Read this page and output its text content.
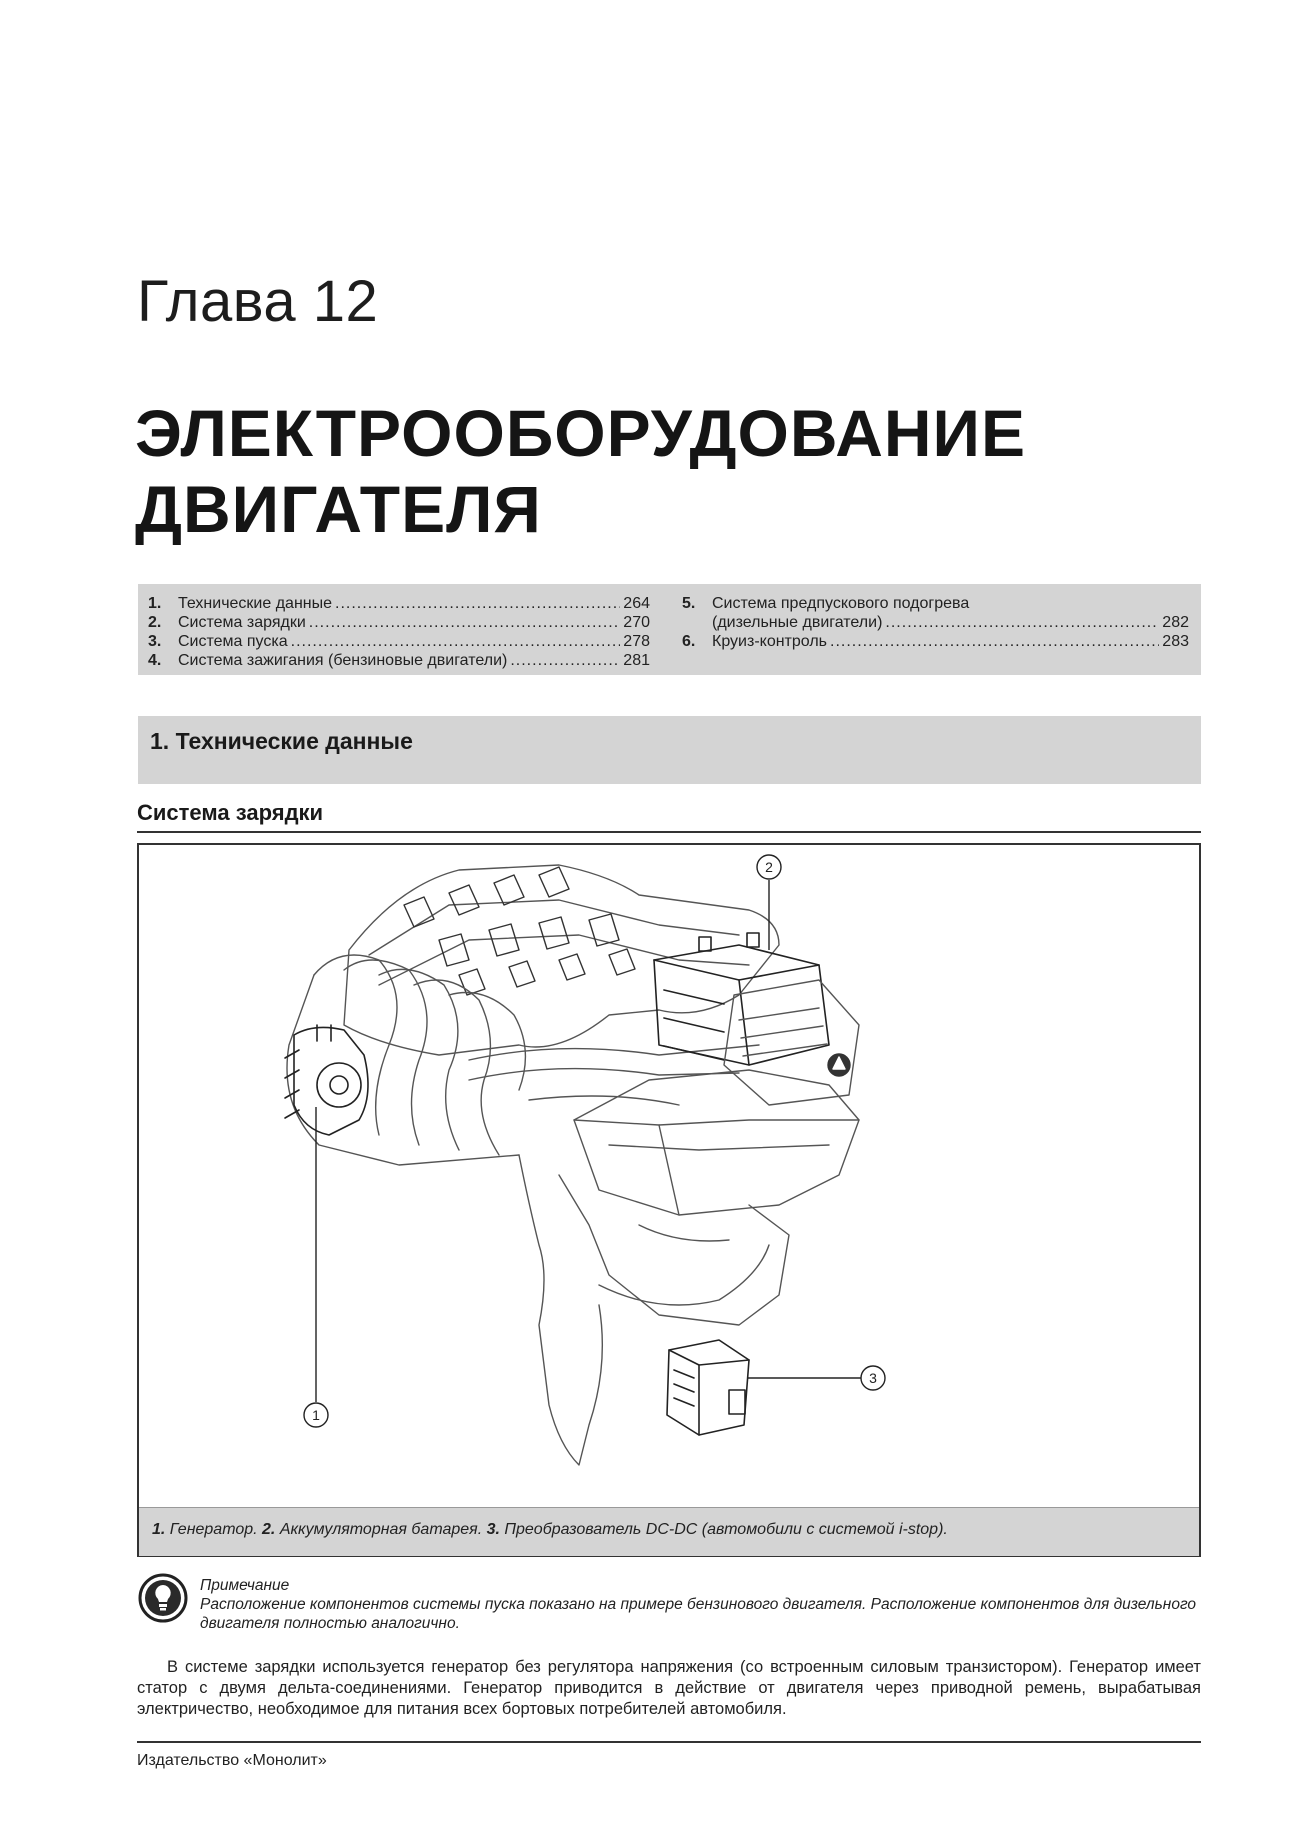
Глава 12
ЭЛЕКТРООБОРУДОВАНИЕ
ДВИГАТЕЛЯ
1.	Технические данные .....	264
2.	Система зарядки .....	270
3.	Система пуска .....	278
4.	Система зажигания (бензиновые двигатели) .....	281
5.	Система предпускового подогрева
(дизельные двигатели) .....	282
6.	Круиз-контроль .....	283
1. Технические данные
Система зарядки
1
2
3
1. Генератор. 2. Аккумуляторная батарея. 3. Преобразователь DC-DC (автомобили с системой i-stop).
Примечание
Расположение компонентов системы пуска показано на примере бензинового двигателя. Расположение компонентов для дизельного двигателя полностью аналогично.

В системе зарядки используется генератор без регулятора напряжения (со встроенным силовым транзистором). Генератор имеет статор с двумя дельта-соединениями. Генератор приводится в действие от двигателя через приводной ремень, вырабатывая электричество, необходимое для питания всех бортовых потребителей автомобиля.

Издательство «Монолит»
